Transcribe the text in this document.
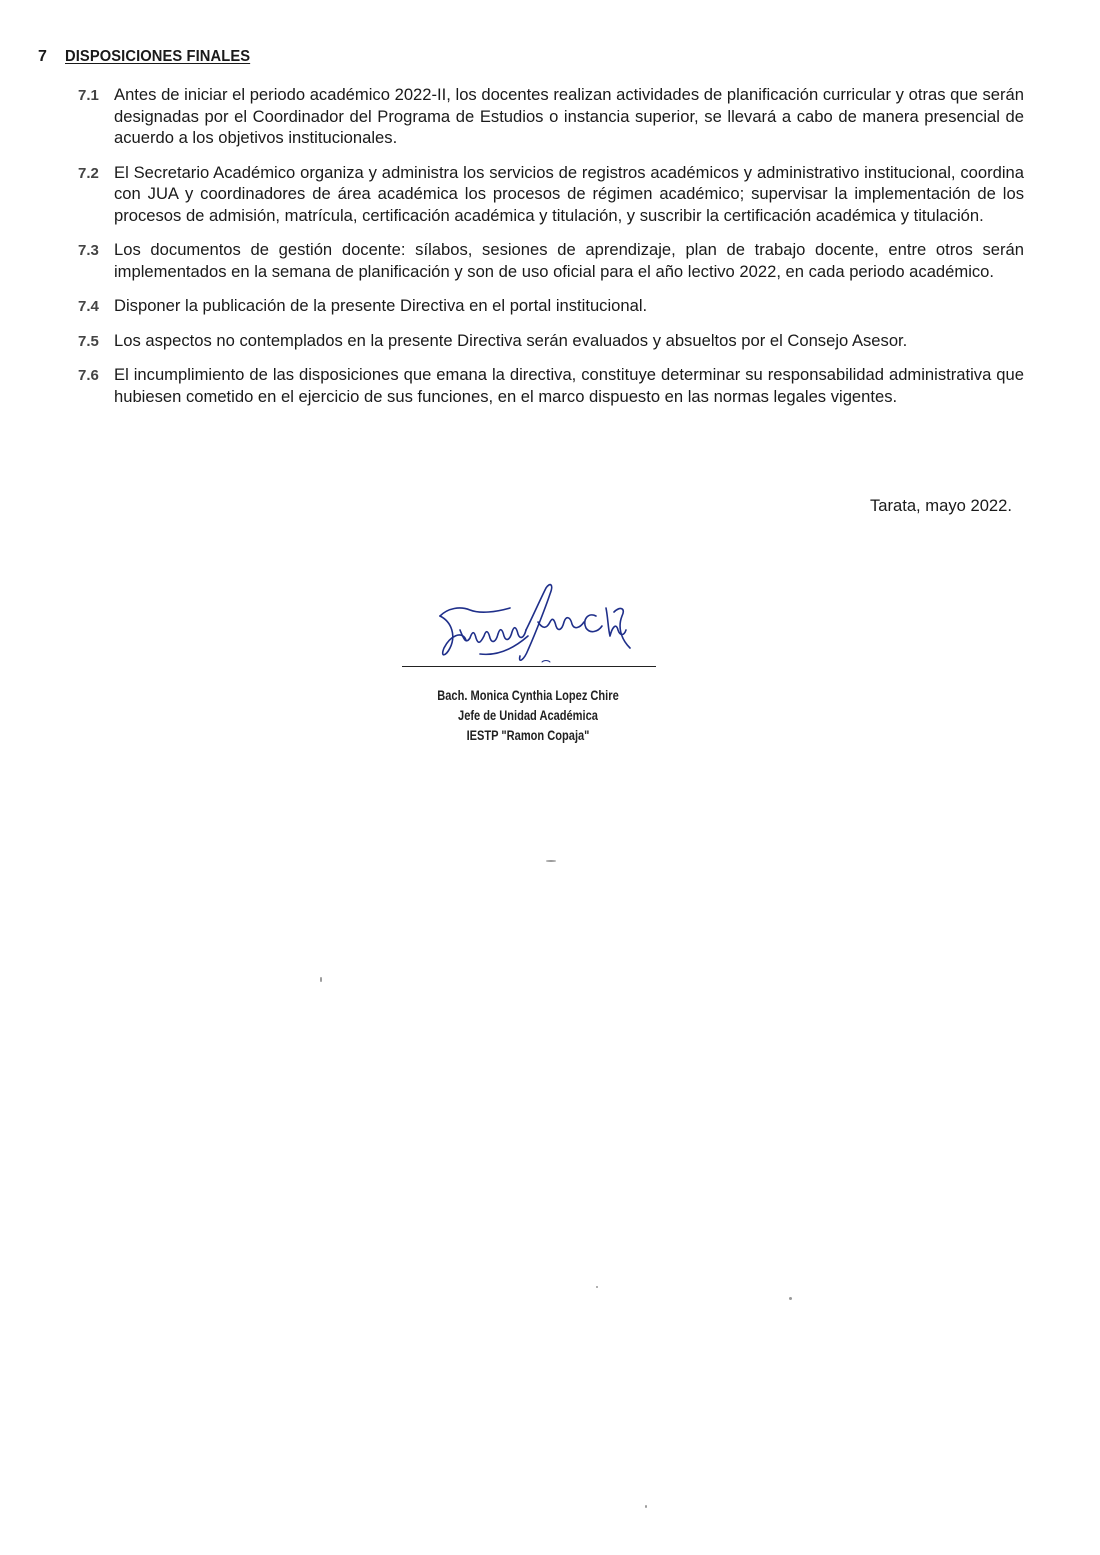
7	DISPOSICIONES FINALES
7.1 Antes de iniciar el periodo académico 2022-II, los docentes realizan actividades de planificación curricular y otras que serán designadas por el Coordinador del Programa de Estudios o instancia superior, se llevará a cabo de manera presencial de acuerdo a los objetivos institucionales.
7.2 El Secretario Académico organiza y administra los servicios de registros académicos y administrativo institucional, coordina con JUA y coordinadores de área académica los procesos de régimen académico; supervisar la implementación de los procesos de admisión, matrícula, certificación académica y titulación, y suscribir la certificación académica y titulación.
7.3 Los documentos de gestión docente: sílabos, sesiones de aprendizaje, plan de trabajo docente, entre otros serán implementados en la semana de planificación y son de uso oficial para el año lectivo 2022, en cada periodo académico.
7.4 Disponer la publicación de la presente Directiva en el portal institucional.
7.5 Los aspectos no contemplados en la presente Directiva serán evaluados y absueltos por el Consejo Asesor.
7.6 El incumplimiento de las disposiciones que emana la directiva, constituye determinar su responsabilidad administrativa que hubiesen cometido en el ejercicio de sus funciones, en el marco dispuesto en las normas legales vigentes.
Tarata, mayo 2022.
Bach. Monica Cynthia Lopez Chire
Jefe de Unidad Académica
IESTP "Ramon Copaja"
